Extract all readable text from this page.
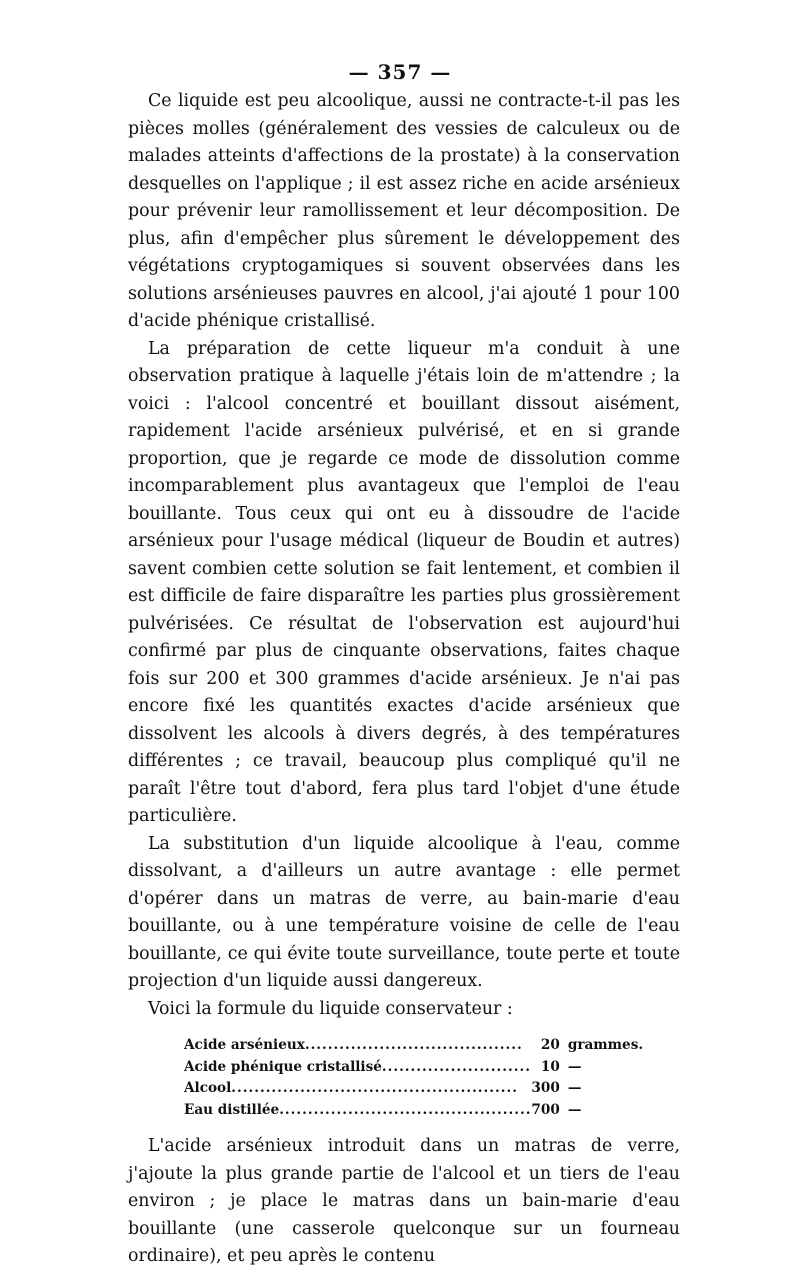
— 357 —

Ce liquide est peu alcoolique, aussi ne contracte-t-il pas les pièces molles (généralement des vessies de calculeux ou de malades atteints d'affections de la prostate) à la conservation desquelles on l'applique ; il est assez riche en acide arsénieux pour prévenir leur ramollissement et leur décomposition. De plus, afin d'empêcher plus sûrement le développement des végétations cryptogamiques si souvent observées dans les solutions arsénieuses pauvres en alcool, j'ai ajouté 1 pour 100 d'acide phénique cristallisé.

La préparation de cette liqueur m'a conduit à une observation pratique à laquelle j'étais loin de m'attendre ; la voici : l'alcool concentré et bouillant dissout aisément, rapidement l'acide arsénieux pulvérisé, et en si grande proportion, que je regarde ce mode de dissolution comme incomparablement plus avantageux que l'emploi de l'eau bouillante. Tous ceux qui ont eu à dissoudre de l'acide arsénieux pour l'usage médical (liqueur de Boudin et autres) savent combien cette solution se fait lentement, et combien il est difficile de faire disparaître les parties plus grossièrement pulvérisées. Ce résultat de l'observation est aujourd'hui confirmé par plus de cinquante observations, faites chaque fois sur 200 et 300 grammes d'acide arsénieux. Je n'ai pas encore fixé les quantités exactes d'acide arsénieux que dissolvent les alcools à divers degrés, à des températures différentes ; ce travail, beaucoup plus compliqué qu'il ne paraît l'être tout d'abord, fera plus tard l'objet d'une étude particulière.

La substitution d'un liquide alcoolique à l'eau, comme dissolvant, a d'ailleurs un autre avantage : elle permet d'opérer dans un matras de verre, au bain-marie d'eau bouillante, ou à une température voisine de celle de l'eau bouillante, ce qui évite toute surveillance, toute perte et toute projection d'un liquide aussi dangereux.

Voici la formule du liquide conservateur :

Acide arsénieux......................................	20	grammes.
Acide phénique cristallisé..........................	10	—
Alcool..................................................	300	—
Eau distillée............................................	700	—

L'acide arsénieux introduit dans un matras de verre, j'ajoute la plus grande partie de l'alcool et un tiers de l'eau environ ; je place le matras dans un bain-marie d'eau bouillante (une casserole quelconque sur un fourneau ordinaire), et peu après le contenu
